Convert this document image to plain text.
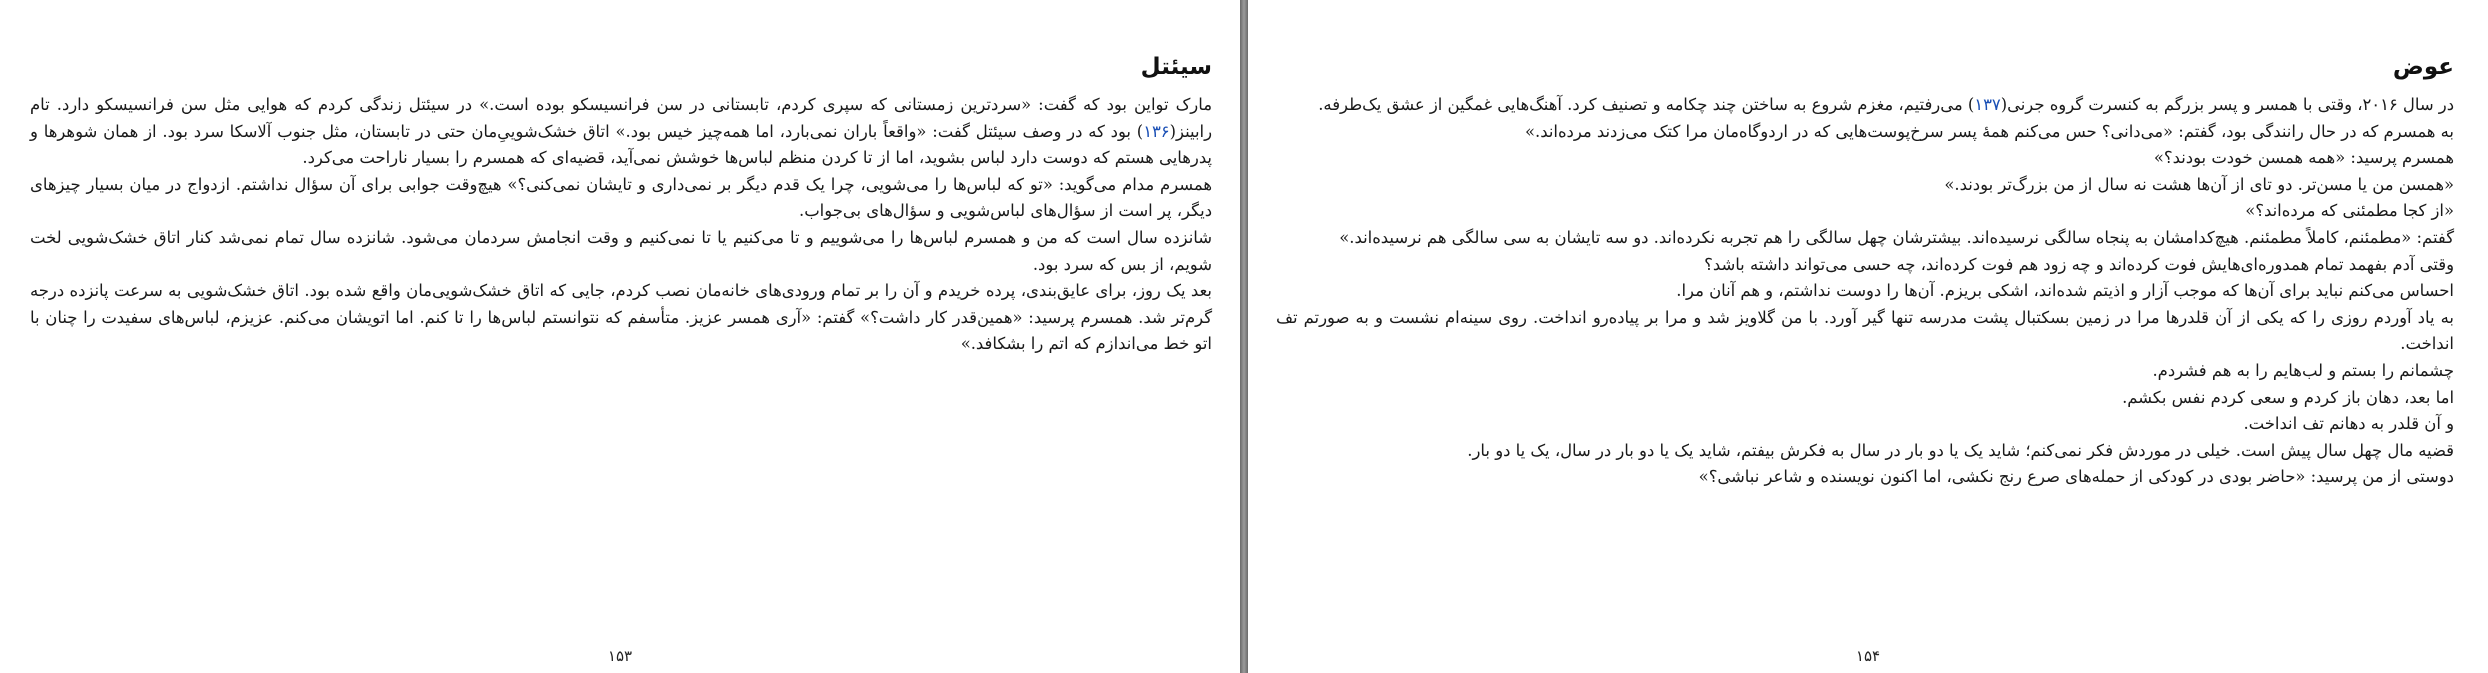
سیئتل

مارک تواین بود که گفت: «سردترین زمستانی که سپری کردم، تابستانی در سن فرانسیسکو بوده است.» در سیئتل زندگی کردم که هوایی مثل سن فرانسیسکو دارد. تام رابینز(۱۳۶) بود که در وصف سیئتل گفت: «واقعاً باران نمی‌بارد، اما همه‌چیز خیس بود.» اتاق خشک‌شوییِ‌مان حتی در تابستان، مثل جنوب آلاسکا سرد بود. از همان شوهرها و پدرهایی هستم که دوست دارد لباس بشوید، اما از تا کردن منظم لباس‌ها خوشش نمی‌آید، قضیه‌ای که همسرم را بسیار ناراحت می‌کرد.

همسرم مدام می‌گوید: «تو که لباس‌ها را می‌شویی، چرا یک قدم دیگر بر نمی‌داری و تایشان نمی‌کنی؟» هیچ‌وقت جوابی برای آن سؤال نداشتم. ازدواج در میان بسیار چیزهای دیگر، پر است از سؤال‌های لباس‌شویی و سؤال‌های بی‌جواب.

شانزده سال است که من و همسرم لباس‌ها را می‌شوییم و تا می‌کنیم یا تا نمی‌کنیم و وقت انجامش سردمان می‌شود. شانزده سال تمام نمی‌شد کنار اتاق خشک‌شویی لخت شویم، از بس که سرد بود.

بعد یک روز، برای عایق‌بندی، پرده خریدم و آن را بر تمام ورودی‌های خانه‌مان نصب کردم، جایی که اتاق خشک‌شویی‌مان واقع شده بود. اتاق خشک‌شویی به سرعت پانزده درجه گرم‌تر شد. همسرم پرسید: «همین‌قدر کار داشت؟» گفتم: «آری همسر عزیز. متأسفم که نتوانستم لباس‌ها را تا کنم. اما اتویشان می‌کنم. عزیزم، لباس‌های سفیدت را چنان با اتو خط می‌اندازم که اتم را بشکافد.»

۱۵۳
عوض

در سال ۲۰۱۶، وقتی با همسر و پسر بزرگم به کنسرت گروه جرنی(۱۳۷) می‌رفتیم، مغزم شروع به ساختن چند چکامه و تصنیف کرد. آهنگ‌هایی غمگین از عشق یک‌طرفه.

به همسرم که در حال رانندگی بود، گفتم: «می‌دانی؟ حس می‌کنم همهٔ پسر سرخ‌پوست‌هایی که در اردوگاه‌مان مرا کتک می‌زدند مرده‌اند.»

همسرم پرسید: «همه همسن خودت بودند؟»

«همسن من یا مسن‌تر. دو تای از آن‌ها هشت نه سال از من بزرگ‌تر بودند.»

«از کجا مطمئنی که مرده‌اند؟»

گفتم: «مطمئنم، کاملاً مطمئنم. هیچ‌کدامشان به پنجاه سالگی نرسیده‌اند. بیشترشان چهل سالگی را هم تجربه نکرده‌اند. دو سه تایشان به سی سالگی هم نرسیده‌اند.»

وقتی آدم بفهمد تمام همدوره‌ای‌هایش فوت کرده‌اند و چه زود هم فوت کرده‌اند، چه حسی می‌تواند داشته باشد؟

احساس می‌کنم نباید برای آن‌ها که موجب آزار و اذیتم شده‌اند، اشکی بریزم. آن‌ها را دوست نداشتم، و هم آنان مرا.

به یاد آوردم روزی را که یکی از آن قلدرها مرا در زمین بسکتبال پشت مدرسه تنها گیر آورد. با من گلاویز شد و مرا بر پیاده‌رو انداخت. روی سینه‌ام نشست و به صورتم تف انداخت.

چشمانم را بستم و لب‌هایم را به هم فشردم.

اما بعد، دهان باز کردم و سعی کردم نفس بکشم.

و آن قلدر به دهانم تف انداخت.

قضیه مال چهل سال پیش است. خیلی در موردش فکر نمی‌کنم؛ شاید یک یا دو بار در سال به فکرش بیفتم، شاید یک یا دو بار در سال، یک یا دو بار.

دوستی از من پرسید: «حاضر بودی در کودکی از حمله‌های صرع رنج نکشی، اما اکنون نویسنده و شاعر نباشی؟»

۱۵۴
